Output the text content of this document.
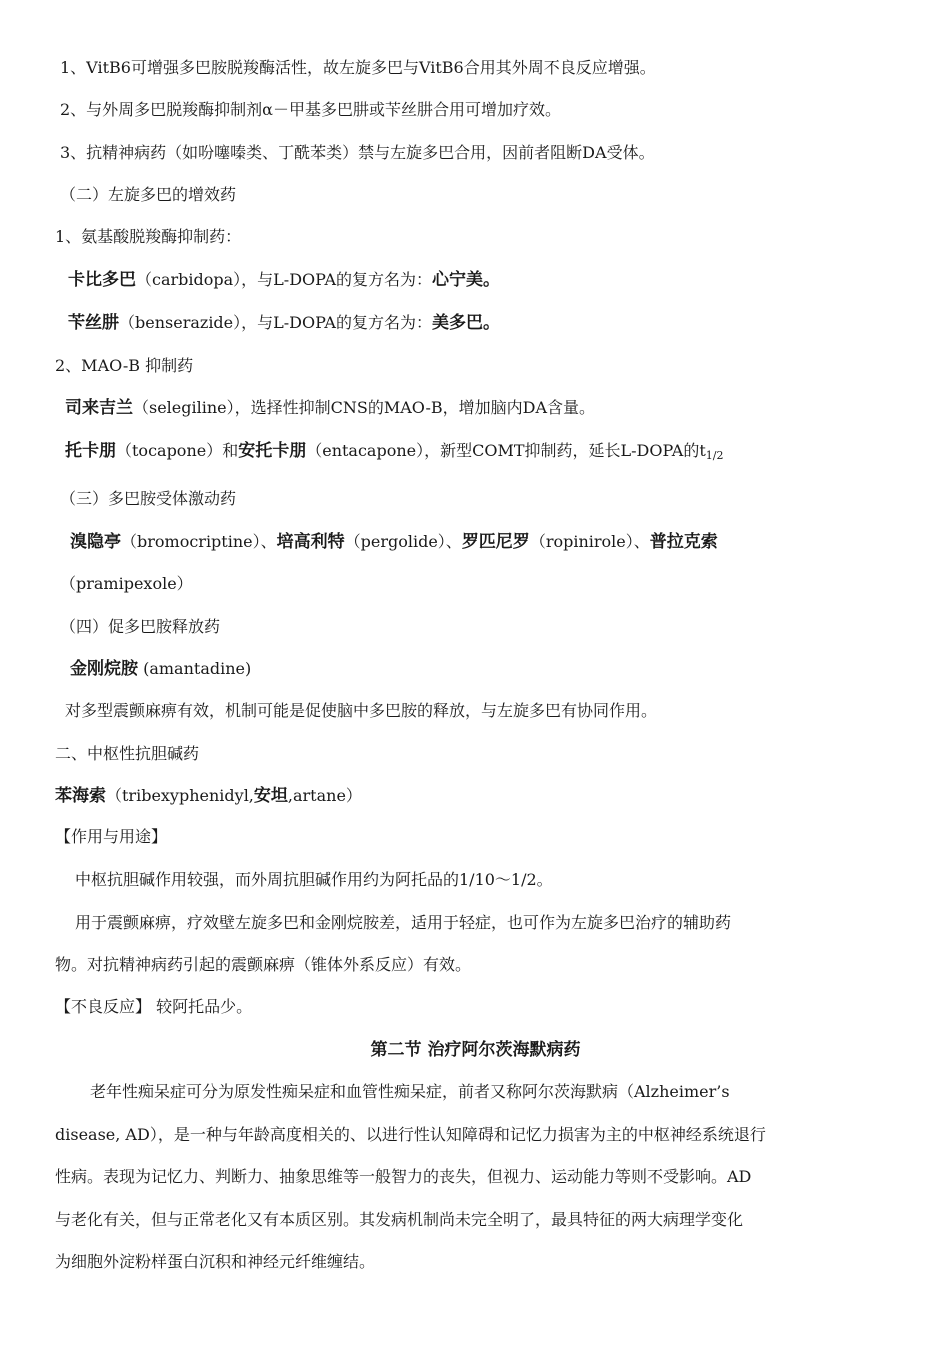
1、VitB6可增强多巴胺脱羧酶活性，故左旋多巴与VitB6合用其外周不良反应增强。
2、与外周多巴脱羧酶抑制剂α－甲基多巴肼或苄丝肼合用可增加疗效。
3、抗精神病药（如吩噻嗪类、丁酰苯类）禁与左旋多巴合用，因前者阻断DA受体。
（二）左旋多巴的增效药
1、氨基酸脱羧酶抑制药：
卡比多巴（carbidopa），与L-DOPA的复方名为：心宁美。
苄丝肼（benserazide），与L-DOPA的复方名为：美多巴。
2、MAO-B 抑制药
司来吉兰（selegiline），选择性抑制CNS的MAO-B，增加脑内DA含量。
托卡朋（tocapone）和安托卡朋（entacapone），新型COMT抑制药，延长L-DOPA的$t_{1/2}$
（三）多巴胺受体激动药
溴隐亭（bromocriptine）、培高利特（pergolide）、罗匹尼罗（ropinirole）、普拉克索
（pramipexole）
（四）促多巴胺释放药
金刚烷胺 (amantadine)
对多型震颤麻痹有效，机制可能是促使脑中多巴胺的释放，与左旋多巴有协同作用。
二、中枢性抗胆碱药
苯海索（tribexyphenidyl,安坦,artane）
【作用与用途】
中枢抗胆碱作用较强，而外周抗胆碱作用约为阿托品的1/10～1/2。
用于震颤麻痹，疗效壁左旋多巴和金刚烷胺差，适用于轻症，也可作为左旋多巴治疗的辅助药
物。对抗精神病药引起的震颤麻痹（锥体外系反应）有效。
【不良反应】 较阿托品少。
第二节 治疗阿尔茨海默病药
老年性痴呆症可分为原发性痴呆症和血管性痴呆症，前者又称阿尔茨海默病（Alzheimer’s
disease, AD），是一种与年龄高度相关的、以进行性认知障碍和记忆力损害为主的中枢神经系统退行
性病。表现为记忆力、判断力、抽象思维等一般智力的丧失，但视力、运动能力等则不受影响。AD
与老化有关，但与正常老化又有本质区别。其发病机制尚未完全明了，最具特征的两大病理学变化
为细胞外淀粉样蛋白沉积和神经元纤维缠结。
